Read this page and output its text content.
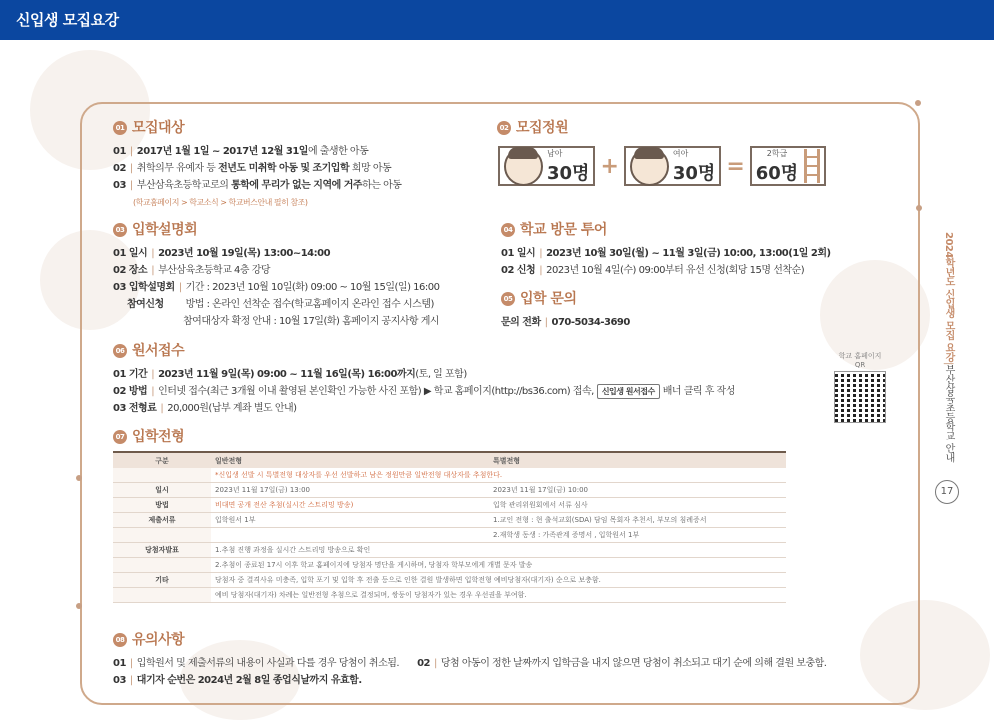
신입생 모집요강
01 모집대상
01 | 2017년 1월 1일 ~ 2017년 12월 31일에 출생한 아동
02 | 취학의무 유예자 등 전년도 미취학 아동 및 조기입학 희망 아동
03 | 부산삼육초등학교로의 통학에 무리가 없는 지역에 거주하는 아동
(학교홈페이지 > 학교소식 > 학교버스안내 필히 참조)
02 모집정원
남아
30명 +
여아
30명 =
2학급
60명
03 입학설명회
01 일시 | 2023년 10월 19일(목) 13:00~14:00
02 장소 | 부산삼육초등학교 4층 강당
03 입학설명회 | 기간 : 2023년 10월 10일(화) 09:00 ~ 10월 15일(일) 16:00
참여신청 방법 : 온라인 선착순 접수(학교홈페이지 온라인 접수 시스템)
참여대상자 확정 안내 : 10월 17일(화) 홈페이지 공지사항 게시
04 학교 방문 투어
01 일시 | 2023년 10월 30일(월) ~ 11월 3일(금) 10:00, 13:00(1일 2회)
02 신청 | 2023년 10월 4일(수) 09:00부터 유선 신청(회당 15명 선착순)
05 입학 문의
문의 전화 | 070-5034-3690
06 원서접수
01 기간 | 2023년 11월 9일(목) 09:00 ~ 11월 16일(목) 16:00까지(토, 일 포함)
02 방법 | 인터넷 접수(최근 3개월 이내 촬영된 본인확인 가능한 사진 포함) ▶ 학교 홈페이지(http://bs36.com) 접속, 신입생 원서접수 배너 클릭 후 작성
03 전형료 | 20,000원(납부 계좌 별도 안내)
학교 홈페이지 QR
07 입학전형
구분	일반전형	특별전형
	*신입생 선발 시 특별전형 대상자를 우선 선발하고 남은 정원만큼 일반전형 대상자를 추첨한다.	
일시	2023년 11월 17일(금) 13:00	2023년 11월 17일(금) 10:00
방법	비대면 공개 전산 추첨(실시간 스트리밍 방송)	입학 관리위원회에서 서류 심사
제출서류	입학원서 1부	1.교인 전형 : 현 출석교회(SDA) 담임 목회자 추천서, 부모의 침례증서
		2.재학생 동생 : 가족관계 증명서 , 입학원서 1부
당첨자발표	1.추첨 진행 과정을 실시간 스트리밍 방송으로 확인	
	2.추첨이 종료된 17시 이후 학교 홈페이지에 당첨자 명단을 게시하며, 당첨자 학부모에게 개별 문자 발송	
기타	당첨자 중 결격사유 미충족, 입학 포기 및 입학 후 전출 등으로 인한 결원 발생하면 입학전형 예비당첨자(대기자) 순으로 보충함.	
	예비 당첨자(대기자) 차례는 일반전형 추첨으로 결정되며, 쌍둥이 당첨자가 있는 경우 우선권을 부여함.	
08 유의사항
01 | 입학원서 및 제출서류의 내용이 사실과 다를 경우 당첨이 취소됨. 02 | 당첨 아동이 정한 날짜까지 입학금을 내지 않으면 당첨이 취소되고 대기 순에 의해 결원 보충함.
03 | 대기자 순번은 2024년 2월 8일 종업식날까지 유효함.
2024학년도 신입생 모집 요강|부산삼육초등학교 안내
17
